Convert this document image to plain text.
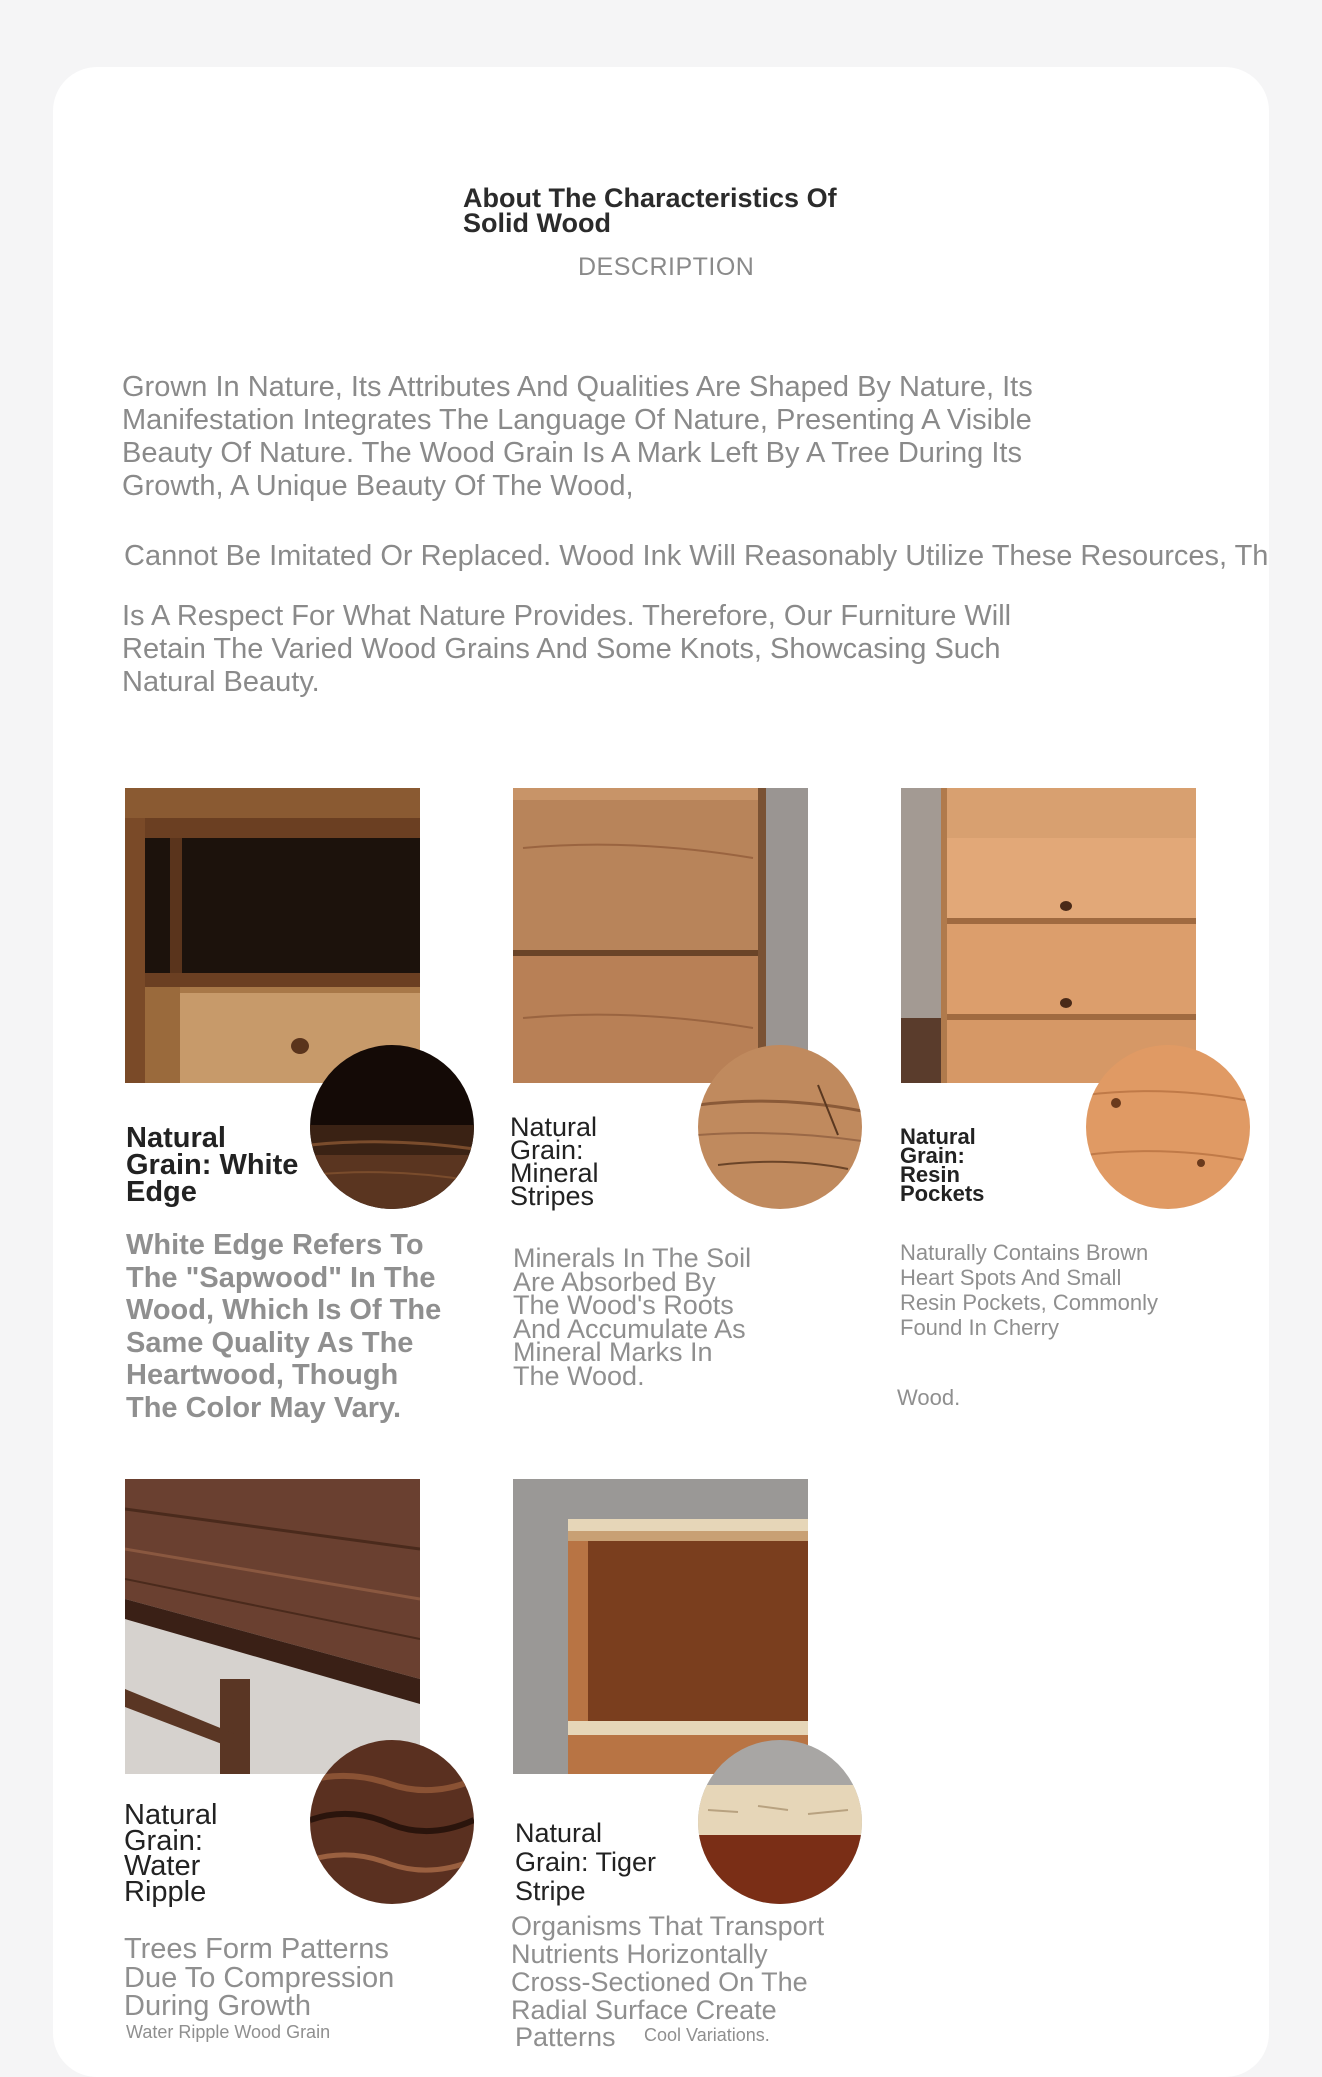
About The Characteristics Of Solid Wood
DESCRIPTION

Grown In Nature, Its Attributes And Qualities Are Shaped By Nature, Its Manifestation Integrates The Language Of Nature, Presenting A Visible Beauty Of Nature. The Wood Grain Is A Mark Left By A Tree During Its Growth, A Unique Beauty Of The Wood,

Cannot Be Imitated Or Replaced. Wood Ink Will Reasonably Utilize These Resources, Th

Is A Respect For What Nature Provides. Therefore, Our Furniture Will Retain The Varied Wood Grains And Some Knots, Showcasing Such Natural Beauty.

Natural Grain: White Edge
White Edge Refers To The "Sapwood" In The Wood, Which Is Of The Same Quality As The Heartwood, Though The Color May Vary.
Natural Grain: Mineral Stripes
Minerals In The Soil Are Absorbed By The Wood's Roots And Accumulate As Mineral Marks In The Wood.
Natural Grain: Resin Pockets
Naturally Contains Brown Heart Spots And Small Resin Pockets, Commonly Found In Cherry
Wood.
Natural Grain: Water Ripple
Trees Form Patterns Due To Compression During Growth
Water Ripple Wood Grain
Natural Grain: Tiger Stripe
Organisms That Transport Nutrients Horizontally Cross-Sectioned On The Radial Surface Create
Patterns Cool Variations.
